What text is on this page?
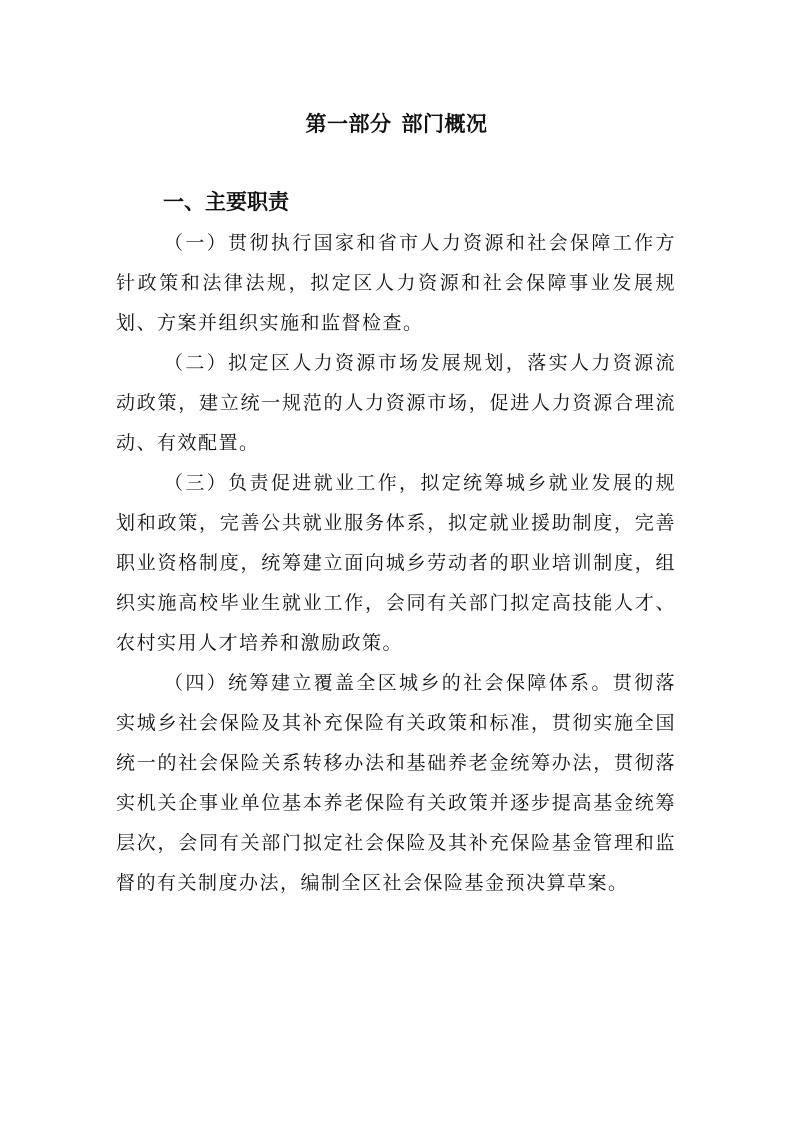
第一部分 部门概况
一、主要职责

（一）贯彻执行国家和省市人力资源和社会保障工作方针政策和法律法规，拟定区人力资源和社会保障事业发展规划、方案并组织实施和监督检查。

（二）拟定区人力资源市场发展规划，落实人力资源流动政策，建立统一规范的人力资源市场，促进人力资源合理流动、有效配置。

（三）负责促进就业工作，拟定统筹城乡就业发展的规划和政策，完善公共就业服务体系，拟定就业援助制度，完善职业资格制度，统筹建立面向城乡劳动者的职业培训制度，组织实施高校毕业生就业工作，会同有关部门拟定高技能人才、农村实用人才培养和激励政策。

（四）统筹建立覆盖全区城乡的社会保障体系。贯彻落实城乡社会保险及其补充保险有关政策和标准，贯彻实施全国统一的社会保险关系转移办法和基础养老金统筹办法，贯彻落实机关企事业单位基本养老保险有关政策并逐步提高基金统筹层次，会同有关部门拟定社会保险及其补充保险基金管理和监督的有关制度办法，编制全区社会保险基金预决算草案。
